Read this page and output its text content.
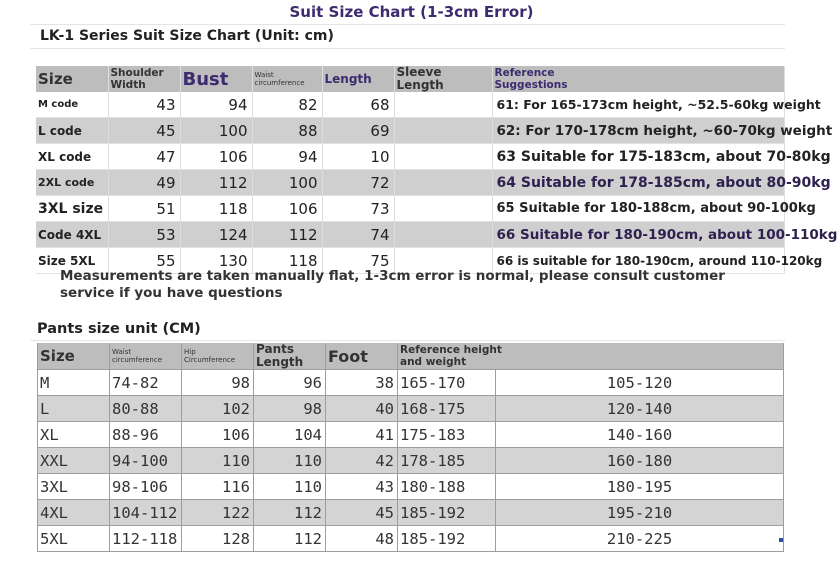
Suit Size Chart (1-3cm Error)
LK-1 Series Suit Size Chart (Unit: cm)
Size	Shoulder Width	Bust	Waist circumference	Length	Sleeve Length	Reference Suggestions

M code	43	94	82	68		61: For 165-173cm height, ~52.5-60kg weight
L code	45	100	88	69		62: For 170-178cm height, ~60-70kg weight
XL code	47	106	94	10		63 Suitable for 175-183cm, about 70-80kg
2XL code	49	112	100	72		64 Suitable for 178-185cm, about 80-90kg
3XL size	51	118	106	73		65 Suitable for 180-188cm, about 90-100kg
Code 4XL	53	124	112	74		66 Suitable for 180-190cm, about 100-110kg
Size 5XL	55	130	118	75		66 is suitable for 180-190cm, around 110-120kg
Measurements are taken manually flat, 1-3cm error is normal, please consult customer service if you have questions
Pants size unit (CM)
Size	Waist circumference	Hip Circumference	Pants Length	Foot	Reference height and weight	

M	74-82	98	96	38	165-170	105-120
L	80-88	102	98	40	168-175	120-140
XL	88-96	106	104	41	175-183	140-160
XXL	94-100	110	110	42	178-185	160-180
3XL	98-106	116	110	43	180-188	180-195
4XL	104-112	122	112	45	185-192	195-210
5XL	112-118	128	112	48	185-192	210-225
